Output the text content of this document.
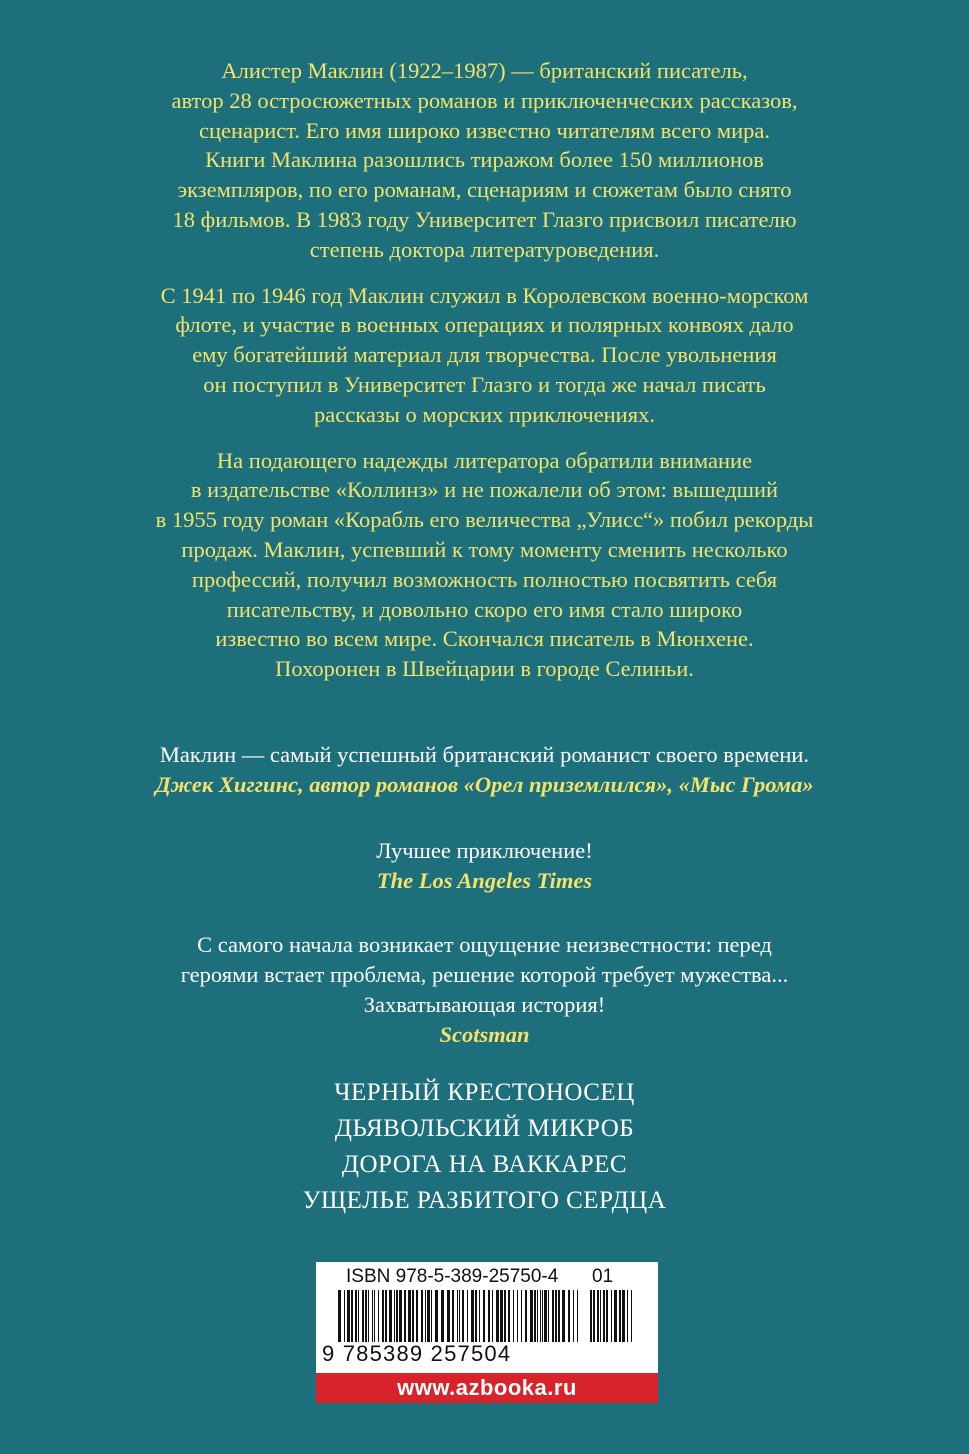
Алистер Маклин (1922–1987) — британский писатель,
автор 28 остросюжетных романов и приключенческих рассказов,
сценарист. Его имя широко известно читателям всего мира.
Книги Маклина разошлись тиражом более 150 миллионов
экземпляров, по его романам, сценариям и сюжетам было снято
18 фильмов. В 1983 году Университет Глазго присвоил писателю
степень доктора литературоведения.

С 1941 по 1946 год Маклин служил в Королевском военно-морском
флоте, и участие в военных операциях и полярных конвоях дало
ему богатейший материал для творчества. После увольнения
он поступил в Университет Глазго и тогда же начал писать
рассказы о морских приключениях.

На подающего надежды литератора обратили внимание
в издательстве «Коллинз» и не пожалели об этом: вышедший
в 1955 году роман «Корабль его величества „Улисс“» побил рекорды
продаж. Маклин, успевший к тому моменту сменить несколько
профессий, получил возможность полностью посвятить себя
писательству, и довольно скоро его имя стало широко
известно во всем мире. Скончался писатель в Мюнхене.
Похоронен в Швейцарии в городе Селиньи.

Маклин — самый успешный британский романист своего времени.
Джек Хиггинс, автор романов «Орел приземлился», «Мыс Грома»
Лучшее приключение!
The Los Angeles Times
С самого начала возникает ощущение неизвестности: перед
героями встает проблема, решение которой требует мужества...
Захватывающая история!
Scotsman
ЧЕРНЫЙ КРЕСТОНОСЕЦ
ДЬЯВОЛЬСКИЙ МИКРОБ
ДОРОГА НА ВАККАРЕС
УЩЕЛЬЕ РАЗБИТОГО СЕРДЦА
ISBN 978-5-389-25750-4 01
9 785389 257504
www.azbooka.ru
